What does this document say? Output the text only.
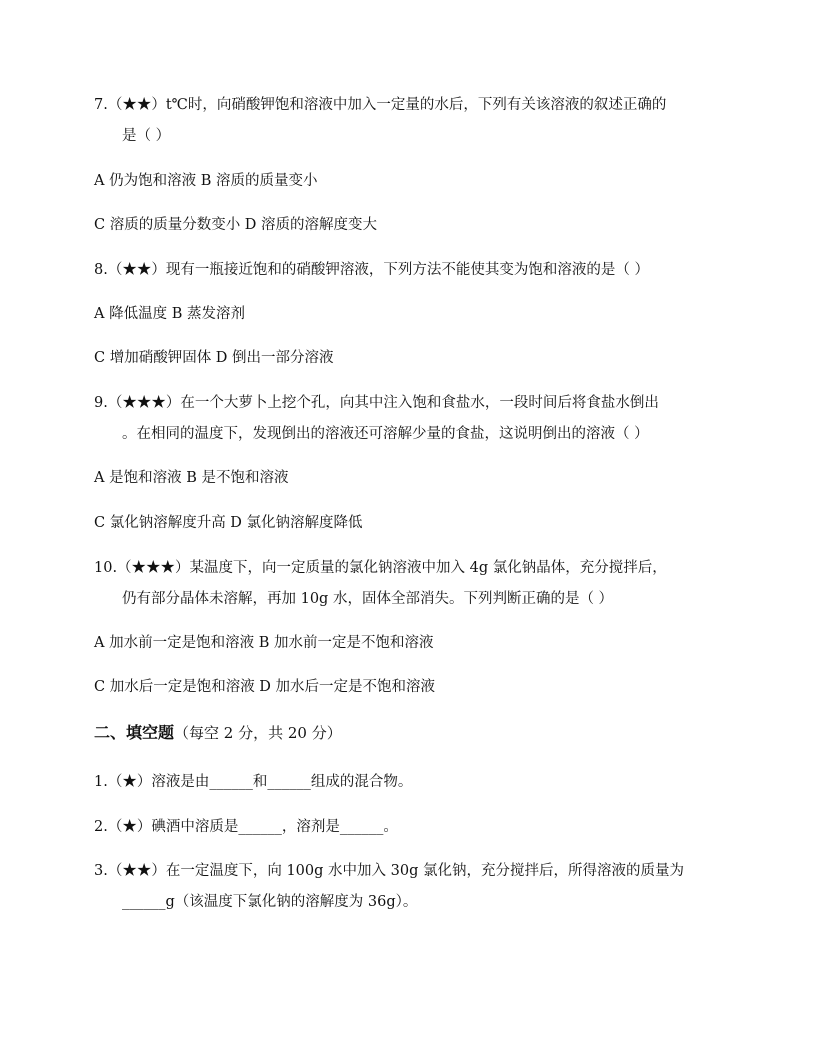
7.（★★）t℃时，向硝酸钾饱和溶液中加入一定量的水后，下列有关该溶液的叙述正确的
是（ ）
A 仍为饱和溶液 B 溶质的质量变小
C 溶质的质量分数变小 D 溶质的溶解度变大
8.（★★）现有一瓶接近饱和的硝酸钾溶液，下列方法不能使其变为饱和溶液的是（ ）
A 降低温度 B 蒸发溶剂
C 增加硝酸钾固体 D 倒出一部分溶液
9.（★★★）在一个大萝卜上挖个孔，向其中注入饱和食盐水，一段时间后将食盐水倒出
。在相同的温度下，发现倒出的溶液还可溶解少量的食盐，这说明倒出的溶液（ ）
A 是饱和溶液 B 是不饱和溶液
C 氯化钠溶解度升高 D 氯化钠溶解度降低
10.（★★★）某温度下，向一定质量的氯化钠溶液中加入 4g 氯化钠晶体，充分搅拌后，
仍有部分晶体未溶解，再加 10g 水，固体全部消失。下列判断正确的是（ ）
A 加水前一定是饱和溶液 B 加水前一定是不饱和溶液
C 加水后一定是饱和溶液 D 加水后一定是不饱和溶液
二、填空题（每空 2 分，共 20 分）
1.（★）溶液是由______和______组成的混合物。
2.（★）碘酒中溶质是______，溶剂是______。
3.（★★）在一定温度下，向 100g 水中加入 30g 氯化钠，充分搅拌后，所得溶液的质量为
______g（该温度下氯化钠的溶解度为 36g）。
